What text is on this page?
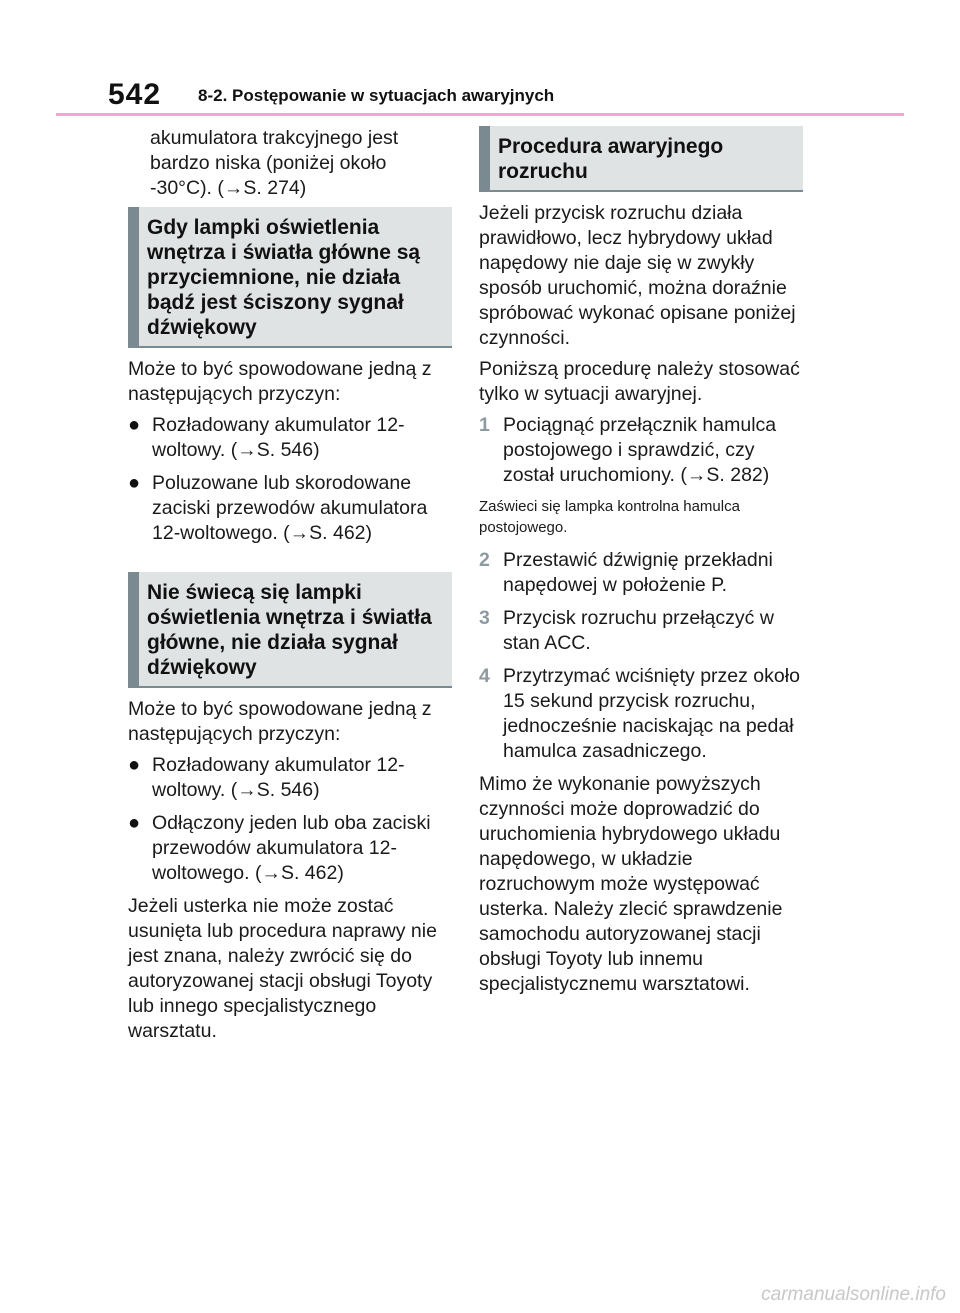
542 8-2. Postępowanie w sytuacjach awaryjnych

akumulatora trakcyjnego jest bardzo niska (poniżej około -30°C). (→S. 274)

Gdy lampki oświetlenia wnętrza i światła główne są przyciemnione, nie działa bądź jest ściszony sygnał dźwiękowy

Może to być spowodowane jedną z następujących przyczyn:

● Rozładowany akumulator 12-woltowy. (→S. 546)
● Poluzowane lub skorodowane zaciski przewodów akumulatora 12-woltowego. (→S. 462)
Nie świecą się lampki oświetlenia wnętrza i światła główne, nie działa sygnał dźwiękowy

Może to być spowodowane jedną z następujących przyczyn:

● Rozładowany akumulator 12-woltowy. (→S. 546)
● Odłączony jeden lub oba zaciski przewodów akumulatora 12-woltowego. (→S. 462)

Jeżeli usterka nie może zostać usunięta lub procedura naprawy nie jest znana, należy zwrócić się do autoryzowanej stacji obsługi Toyoty lub innego specjalistycznego warsztatu.

Procedura awaryjnego rozruchu

Jeżeli przycisk rozruchu działa prawidłowo, lecz hybrydowy układ napędowy nie daje się w zwykły sposób uruchomić, można doraźnie spróbować wykonać opisane poniżej czynności.

Poniższą procedurę należy stosować tylko w sytuacji awaryjnej.

1 Pociągnąć przełącznik hamulca postojowego i sprawdzić, czy został uruchomiony. (→S. 282)
Zaświeci się lampka kontrolna hamulca postojowego.
2 Przestawić dźwignię przekładni napędowej w położenie P.
3 Przycisk rozruchu przełączyć w stan ACC.
4 Przytrzymać wciśnięty przez około 15 sekund przycisk rozruchu, jednocześnie naciskając na pedał hamulca zasadniczego.

Mimo że wykonanie powyższych czynności może doprowadzić do uruchomienia hybrydowego układu napędowego, w układzie rozruchowym może występować usterka. Należy zlecić sprawdzenie samochodu autoryzowanej stacji obsługi Toyoty lub innemu specjalistycznemu warsztatowi.

carmanualsonline.info
